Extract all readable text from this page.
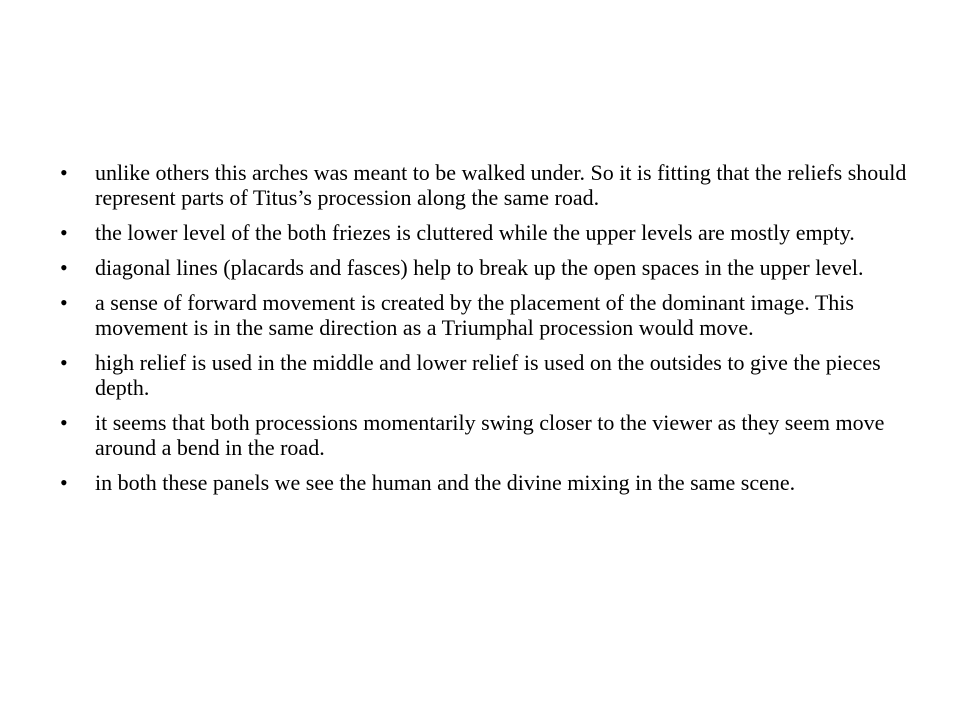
• unlike others this arches was meant to be walked under. So it is fitting that the reliefs should represent parts of Titus’s procession along the same road.
• the lower level of the both friezes is cluttered while the upper levels are mostly empty.
• diagonal lines (placards and fasces) help to break up the open spaces in the upper level.
• a sense of forward movement is created by the placement of the dominant image. This movement is in the same direction as a Triumphal procession would move.
• high relief is used in the middle and lower relief is used on the outsides to give the pieces depth.
• it seems that both processions momentarily swing closer to the viewer as they seem move around a bend in the road.
• in both these panels we see the human and the divine mixing in the same scene.
